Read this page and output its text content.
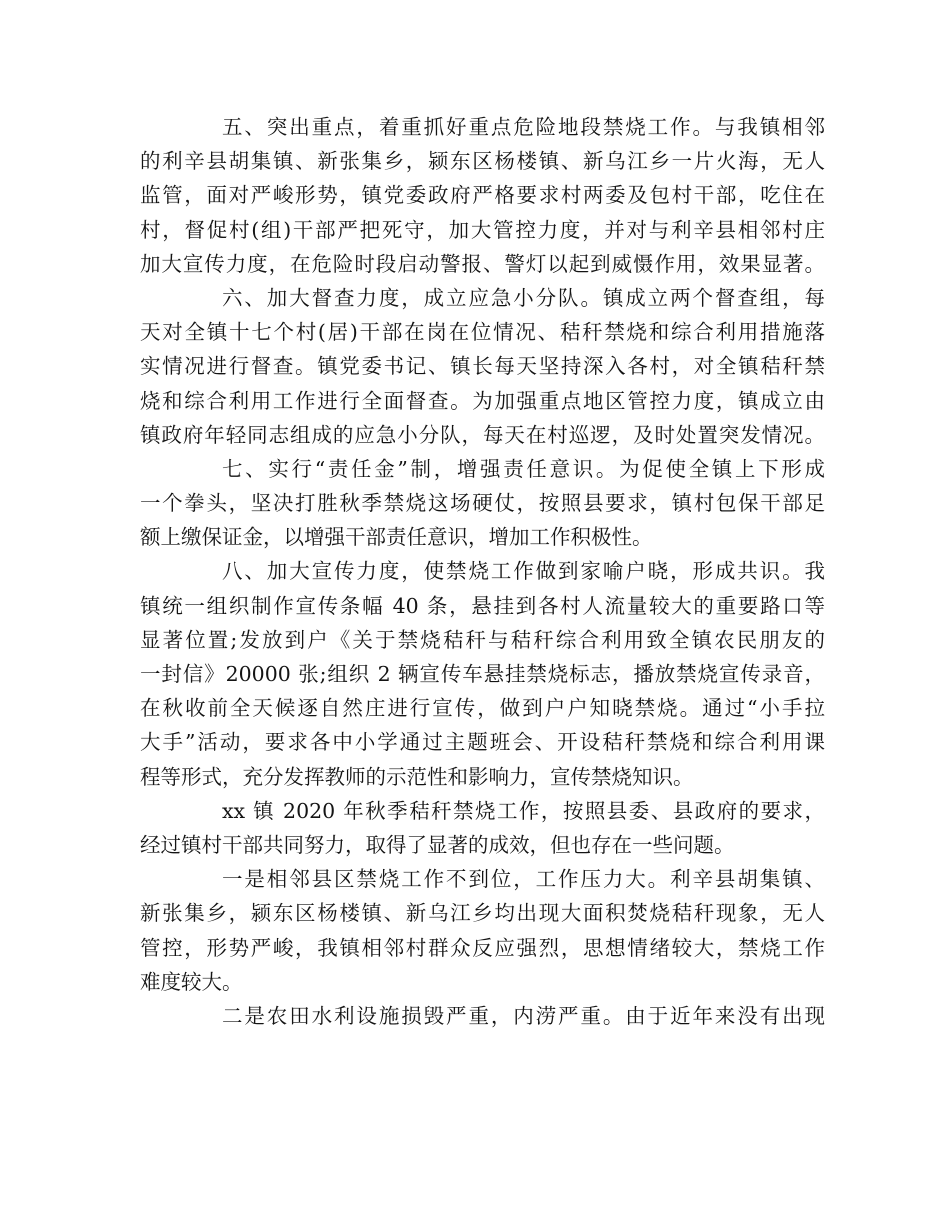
五、突出重点，着重抓好重点危险地段禁烧工作。与我镇相邻
的利辛县胡集镇、新张集乡，颍东区杨楼镇、新乌江乡一片火海，无人
监管，面对严峻形势，镇党委政府严格要求村两委及包村干部，吃住在
村，督促村(组)干部严把死守，加大管控力度，并对与利辛县相邻村庄
加大宣传力度，在危险时段启动警报、警灯以起到威慑作用，效果显著。
六、加大督查力度，成立应急小分队。镇成立两个督查组，每
天对全镇十七个村(居)干部在岗在位情况、秸秆禁烧和综合利用措施落
实情况进行督查。镇党委书记、镇长每天坚持深入各村，对全镇秸秆禁
烧和综合利用工作进行全面督查。为加强重点地区管控力度，镇成立由
镇政府年轻同志组成的应急小分队，每天在村巡逻，及时处置突发情况。
七、实行“责任金”制，增强责任意识。为促使全镇上下形成
一个拳头，坚决打胜秋季禁烧这场硬仗，按照县要求，镇村包保干部足
额上缴保证金，以增强干部责任意识，增加工作积极性。
八、加大宣传力度，使禁烧工作做到家喻户晓，形成共识。我
镇统一组织制作宣传条幅 40 条，悬挂到各村人流量较大的重要路口等
显著位置;发放到户《关于禁烧秸秆与秸秆综合利用致全镇农民朋友的
一封信》20000 张;组织 2 辆宣传车悬挂禁烧标志，播放禁烧宣传录音，
在秋收前全天候逐自然庄进行宣传，做到户户知晓禁烧。通过“小手拉
大手”活动，要求各中小学通过主题班会、开设秸秆禁烧和综合利用课
程等形式，充分发挥教师的示范性和影响力，宣传禁烧知识。
xx 镇 2020 年秋季秸秆禁烧工作，按照县委、县政府的要求，
经过镇村干部共同努力，取得了显著的成效，但也存在一些问题。
一是相邻县区禁烧工作不到位，工作压力大。利辛县胡集镇、
新张集乡，颍东区杨楼镇、新乌江乡均出现大面积焚烧秸秆现象，无人
管控，形势严峻，我镇相邻村群众反应强烈，思想情绪较大，禁烧工作
难度较大。
二是农田水利设施损毁严重，内涝严重。由于近年来没有出现
